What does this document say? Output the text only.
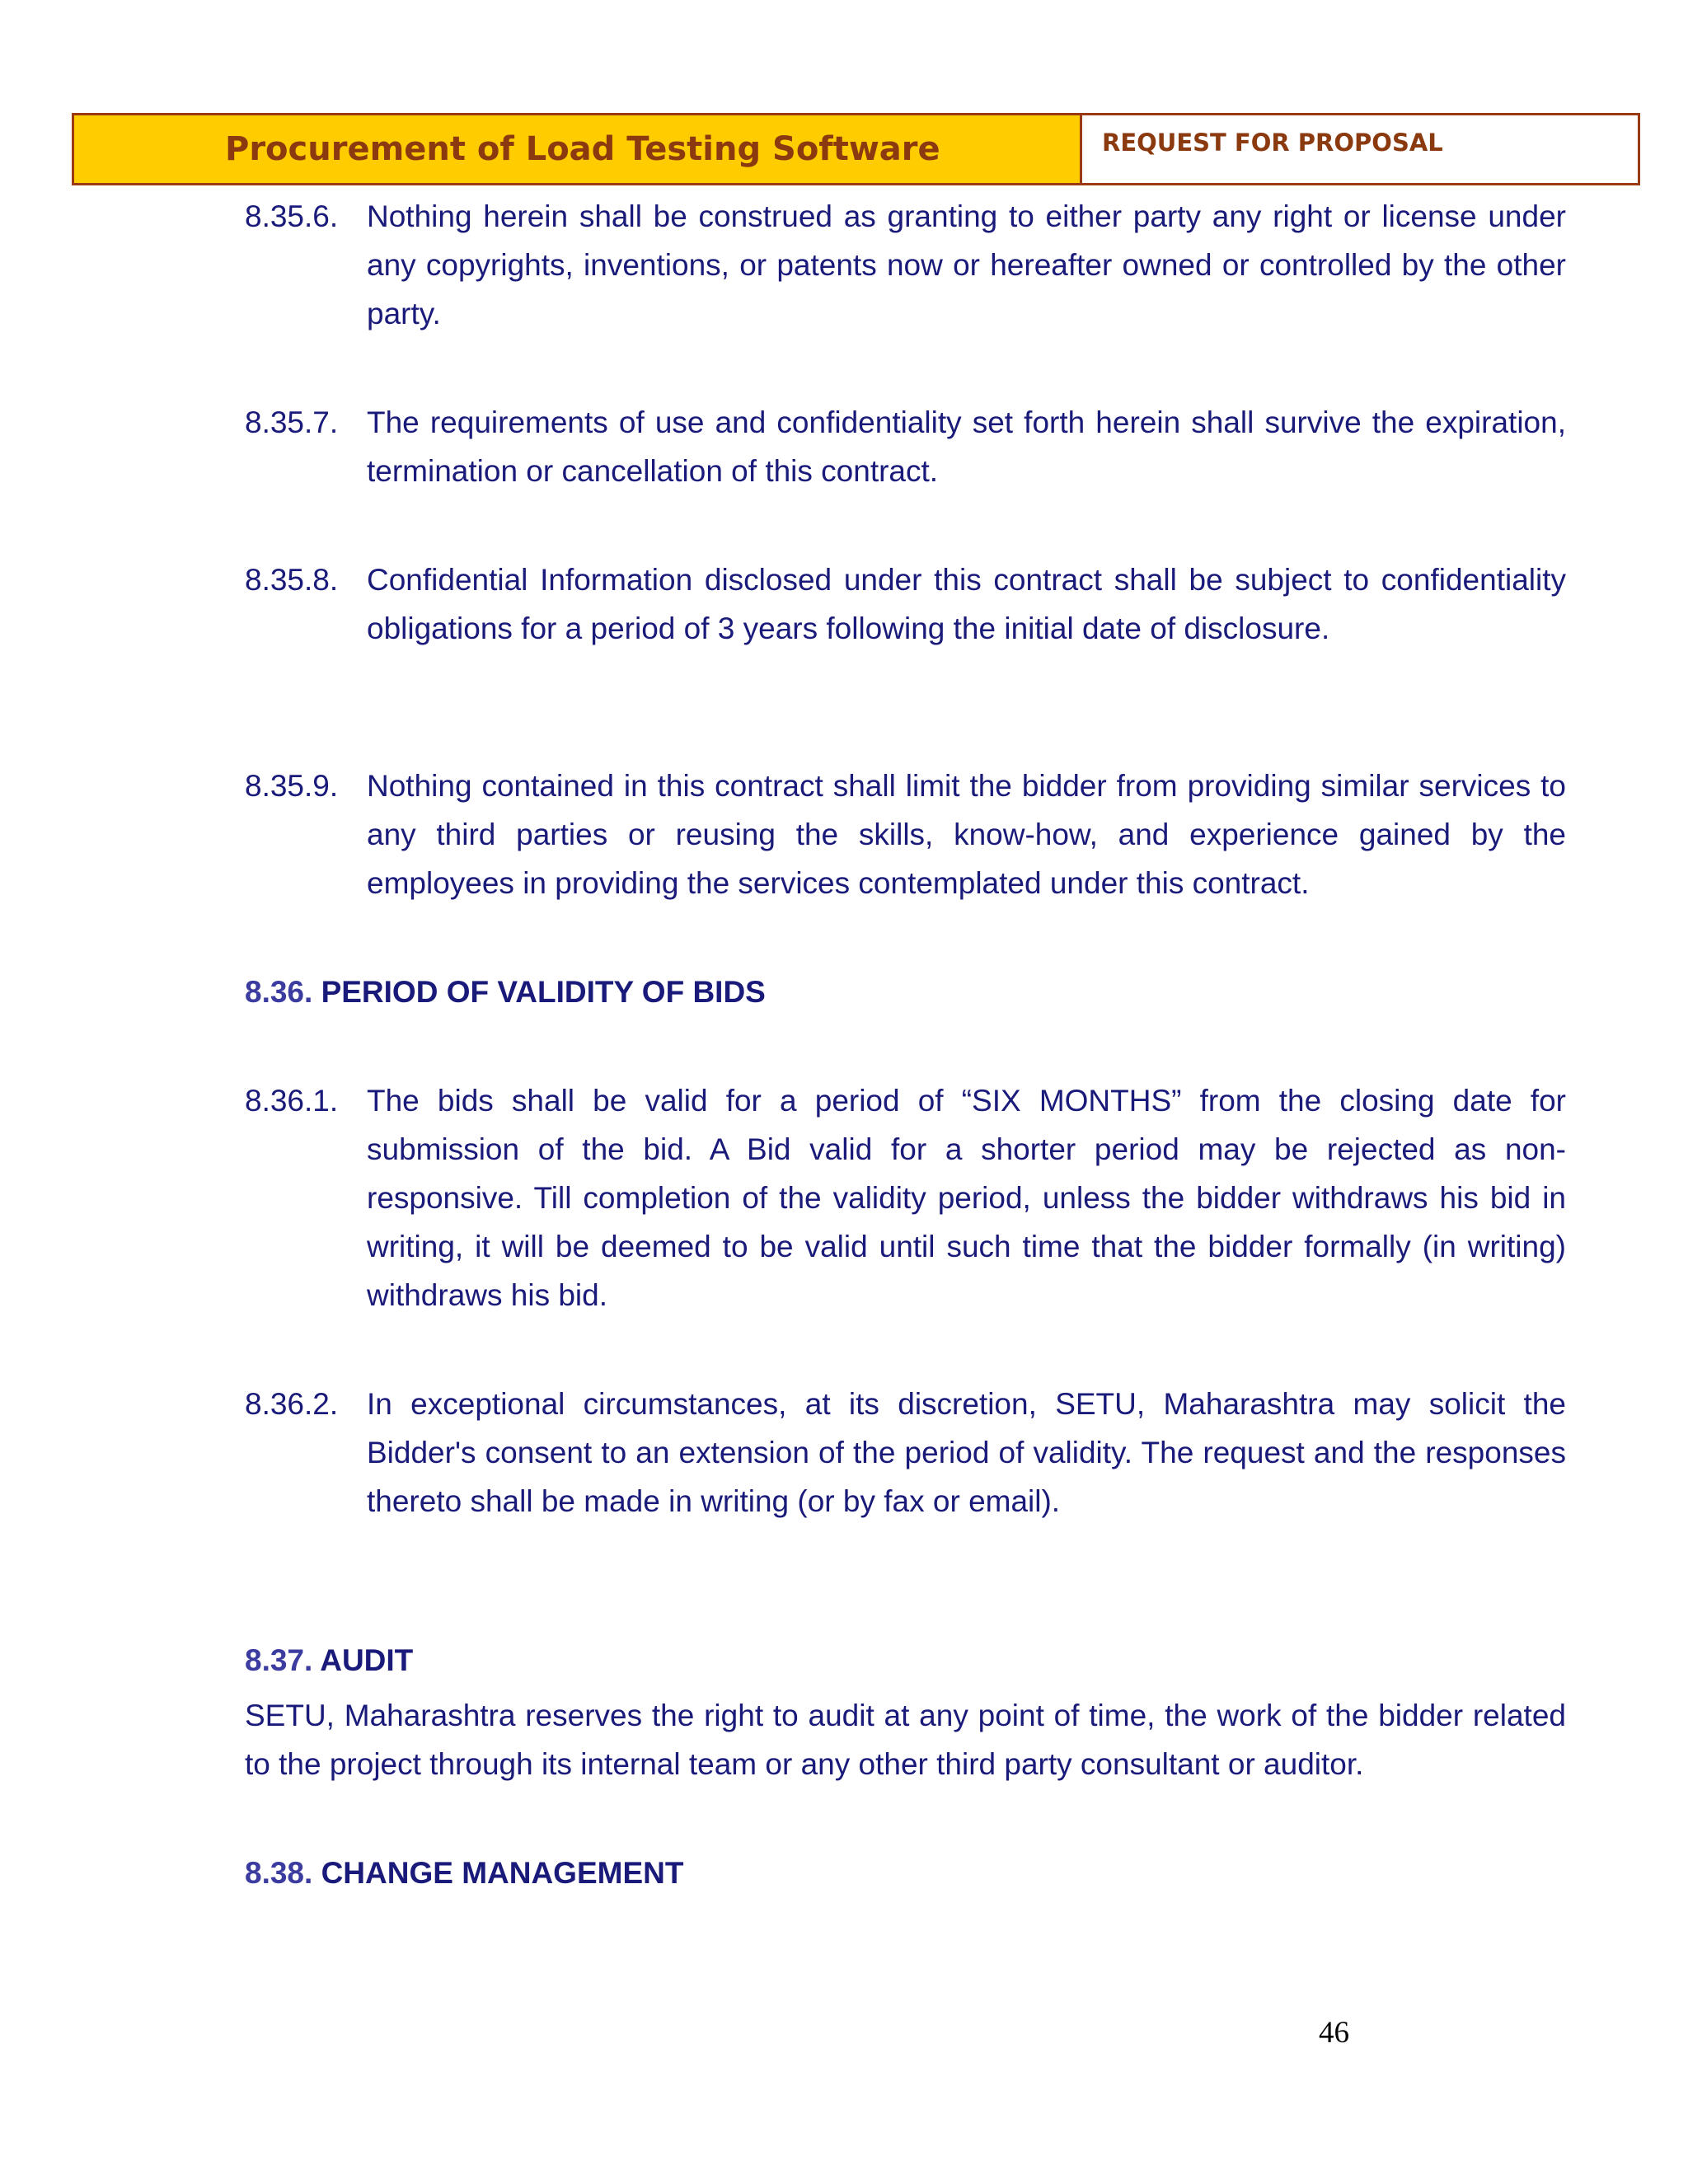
Procurement of Load Testing Software	REQUEST FOR PROPOSAL
8.35.6. Nothing herein shall be construed as granting to either party any right or license under any copyrights, inventions, or patents now or hereafter owned or controlled by the other party.
8.35.7. The requirements of use and confidentiality set forth herein shall survive the expiration, termination or cancellation of this contract.
8.35.8. Confidential Information disclosed under this contract shall be subject to confidentiality obligations for a period of 3 years following the initial date of disclosure.
8.35.9. Nothing contained in this contract shall limit the bidder from providing similar services to any third parties or reusing the skills, know-how, and experience gained by the employees in providing the services contemplated under this contract.
8.36. PERIOD OF VALIDITY OF BIDS
8.36.1. The bids shall be valid for a period of “SIX MONTHS” from the closing date for submission of the bid. A Bid valid for a shorter period may be rejected as non-responsive. Till completion of the validity period, unless the bidder withdraws his bid in writing, it will be deemed to be valid until such time that the bidder formally (in writing) withdraws his bid.
8.36.2. In exceptional circumstances, at its discretion, SETU, Maharashtra may solicit the Bidder's consent to an extension of the period of validity. The request and the responses thereto shall be made in writing (or by fax or email).
8.37. AUDIT
SETU, Maharashtra reserves the right to audit at any point of time, the work of the bidder related to the project through its internal team or any other third party consultant or auditor.
8.38. CHANGE MANAGEMENT
46
